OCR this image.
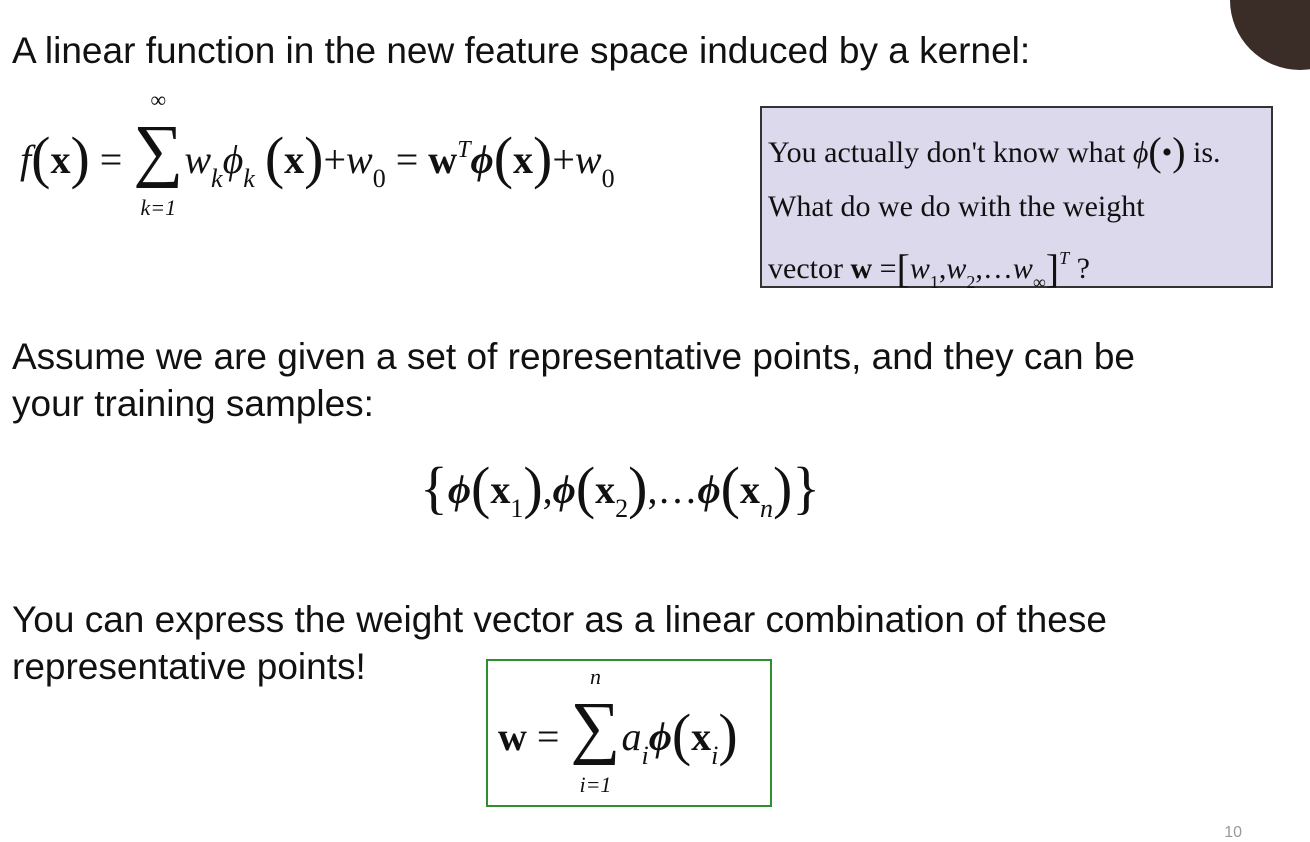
A linear function in the new feature space induced by a kernel:
f(x) =
∞
∑
k=1
$w_k\phi_k$ $(x)+w_0 = w^T\phi(x)+w_0$
You actually don't know what ϕ(•) is.
What do we do with the weight
vector $w =[w_1,w_2,\dots w_\infty]^T$ ?
Assume we are given a set of representative points, and they can be
your training samples:
$\{\phi(x_1),\phi(x_2),\dots\phi(x_n)\}$
You can express the weight vector as a linear combination of these
representative points!
w =
n
∑
i=1
$a_i\phi(x_i)$
10
